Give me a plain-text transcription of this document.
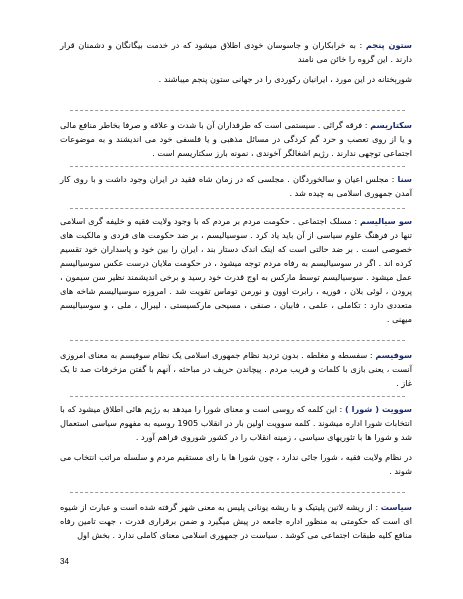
ستون پنجم : به خرابکاران و جاسوسان خودی اطلاق میشود که در خدمت بیگانگان و دشمنان قرار دارند . این گروه را خائن می نامند

شورېختانه در این مورد ، ایرانیان رکوردی را در جهانی ستون پنجم میباشند .

سکتاریسم : فرقه گرائی . سیستمی است که طرفداران آن با شدت و علاقه و صرفا بخاطر منافع مالی و یا از روی تعصب و حرد گم کردگی در مسائل مذهبی و یا فلسفی خود می اندیشند و به موضوعات اجتماعی توجهی ندارند . رژیم اشغالگر آخوندی ، نمونه بارز سکتاریسم است .

سنا : مجلس اعیان و سالخوردگان . مجلسی که در زمان شاه فقید در ایران وجود داشت و با روی کار آمدن جمهوری اسلامی به چیده شد .

سو سیالیسم : مسلک اجتماعی . حکومت مردم بر مردم که با وجود ولایت فقیه و خلیفه گری اسلامی تنها در فرهنگ علوم سیاسی از آن باید یاد کرد . سوسیالیسم ، بر ضد حکومت های فردی و مالکیت های خصوصی است . بر ضد حالتی است که اینک اندک دستار بند ، ایران را بین خود و پاسداران خود تقسیم کرده اند . اگر در سوسیالیسم به رفاه مردم توجه میشود ، در حکومت ملایان درست عکس سوسیالیسم عمل میشود . سوسیالیسم توسط مارکس به اوج قدرت خود رسید و برخی اندیشمند نظیر سن سیمون ، پرودن ، لوئی بلان ، فوریه ، رابرت اوون و نورمن توماس تقویت شد . امروزه سوسیالیسم شاخه های متعددی دارد : تکاملی ، علمی ، فابیان ، صنفی ، مسیحی مارکسیستی ، لیبرال ، ملی ، و سوسیالیسم میهنی .

سوفیسم : سفسطه و مغلطه . بدون تردید نظام جمهوری اسلامی یک نظام سوفیسم به معنای امروزی آنست ، یعنی بازی با کلمات و فریب مردم . پیچاندن حریف در مباحثه ، آنهم با گفتن مزخرفات صد تا یک غاز .

سوویت ( شورا ) : این کلمه که روسی است و معنای شورا را میدهد به رژیم هائی اطلاق میشود که با انتخابات شورا اداره میشوند . کلمه سوویت اولین بار در انقلاب 1905 روسیه به مفهوم سیاسی استعمال شد و شورا ها با تئوریهای سیاسی ، زمینه انقلاب را در کشور شوروی فراهم آورد .

در نظام ولایت فقیه ، شورا جائی ندارد ، چون شورا ها با رای مستقیم مردم و سلسله مراتب انتخاب می شوند .

سیاست : از ریشه لاتین پلیتیک و با ریشه یونانی پلیس به معنی شهر گرفته شده است و عبارت از شیوه ای است که حکومتی به منظور اداره جامعه در پیش میگیرد و ضمن برقراری قدرت ، جهت تامین رفاه منافع کلیه طبقات اجتماعی می کوشد . سیاست در جمهوری اسلامی معنای کاملی ندارد . بخش اول

34
